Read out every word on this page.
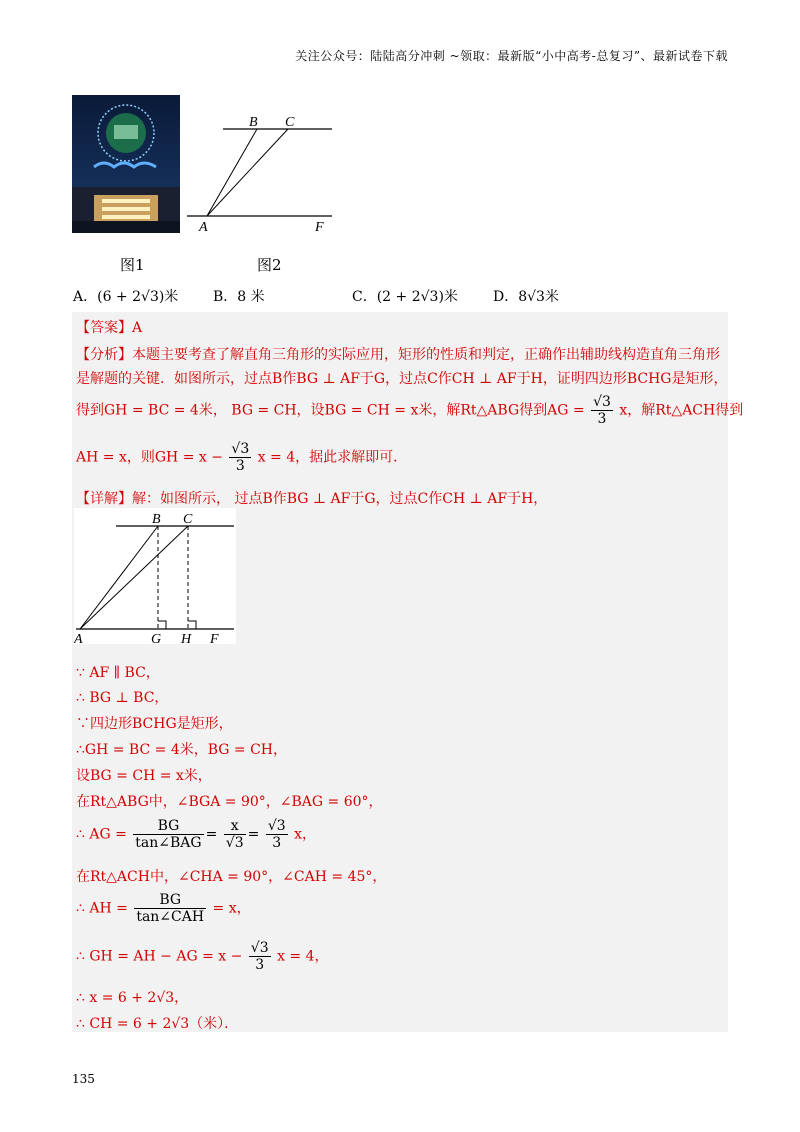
关注公众号：陆陆高分冲刺 ~领取：最新版“小中高考-总复习”、最新试卷下载
B C
A	F
图1	图2
A．(6 + 2√3)米 B．8 米	C．(2 + 2√3)米	D．8√3米
【答案】A
【分析】本题主要考查了解直角三角形的实际应用，矩形的性质和判定，正确作出辅助线构造直角三角形
是解题的关键．如图所示，过点B作BG ⊥ AF于G，过点C作CH ⊥ AF于H，证明四边形BCHG是矩形，
得到GH = BC = 4米， BG = CH，设BG = CH = x米，解Rt△ABG得到AG = $\frac{√3}{3}$ x，解Rt△ACH得到
AH = x，则GH = $x - \frac{√3}{3}$ x = 4，据此求解即可．
【详解】解：如图所示， 过点B作BG ⊥ AF于G，过点C作CH ⊥ AF于H，
B C
A	G H F
∵ AF ∥ BC，
∴ BG ⊥ BC，
∵四边形BCHG是矩形，
∴GH = BC = 4米，BG = CH，
设BG = CH = x米，
在Rt△ABG中，∠BGA = 90°，∠BAG = 60°，
∴ AG = $\frac{BG}{\text{tan∠BAG}} = \frac{x}{√3} = \frac{√3}{3}$ x，
在Rt△ACH中，∠CHA = 90°，∠CAH = 45°，
∴ AH = $\frac{BG}{\text{tan∠CAH}} = x$，
∴ GH = AH − AG = $x - \frac{√3}{3}$ x = 4，
∴ x = 6 + 2√3，
∴ CH = 6 + 2√3（米）．
135
